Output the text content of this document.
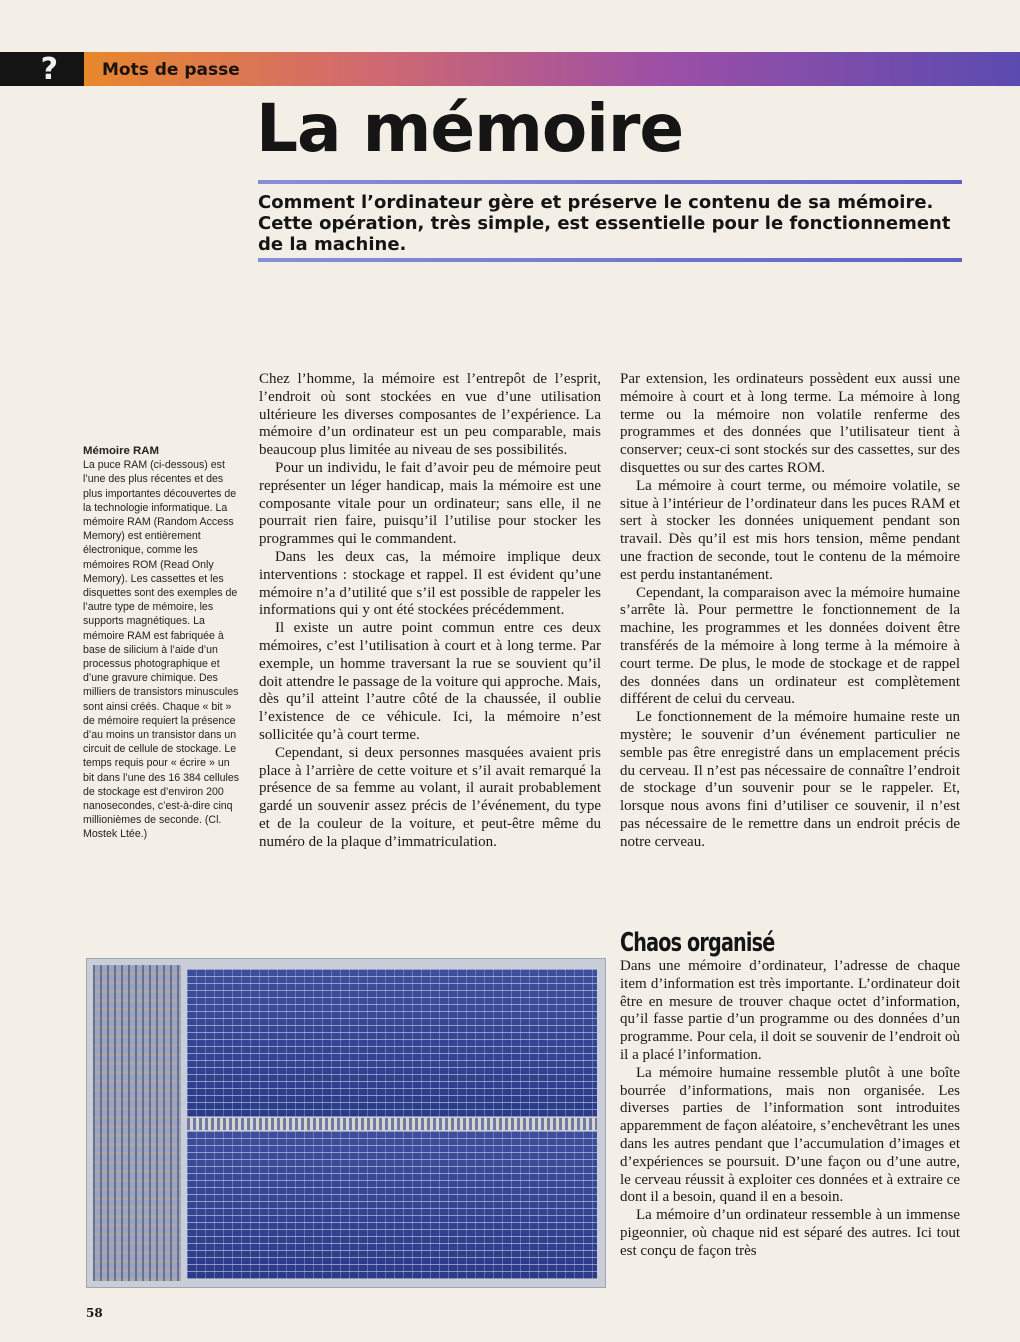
?	Mots de passe
La mémoire

Comment l’ordinateur gère et préserve le contenu de sa mémoire. Cette opération, très simple, est essentielle pour le fonctionnement de la machine.

Mémoire RAM
La puce RAM (ci-dessous) est l’une des plus récentes et des plus importantes découvertes de la technologie informatique. La mémoire RAM (Random Access Memory) est entièrement électronique, comme les mémoires ROM (Read Only Memory). Les cassettes et les disquettes sont des exemples de l’autre type de mémoire, les supports magnétiques. La mémoire RAM est fabriquée à base de silicium à l’aide d’un processus photographique et d’une gravure chimique. Des milliers de transistors minuscules sont ainsi créés. Chaque « bit » de mémoire requiert la présence d’au moins un transistor dans un circuit de cellule de stockage. Le temps requis pour « écrire » un bit dans l’une des 16 384 cellules de stockage est d’environ 200 nanosecondes, c’est-à-dire cinq millionièmes de seconde. (Cl. Mostek Ltée.)

Chez l’homme, la mémoire est l’entrepôt de l’esprit, l’endroit où sont stockées en vue d’une utilisation ultérieure les diverses composantes de l’expérience. La mémoire d’un ordinateur est un peu comparable, mais beaucoup plus limitée au niveau de ses possibilités.

Pour un individu, le fait d’avoir peu de mémoire peut représenter un léger handicap, mais la mémoire est une composante vitale pour un ordinateur; sans elle, il ne pourrait rien faire, puisqu’il l’utilise pour stocker les programmes qui le commandent.

Dans les deux cas, la mémoire implique deux interventions : stockage et rappel. Il est évident qu’une mémoire n’a d’utilité que s’il est possible de rappeler les informations qui y ont été stockées précédemment.

Il existe un autre point commun entre ces deux mémoires, c’est l’utilisation à court et à long terme. Par exemple, un homme traversant la rue se souvient qu’il doit attendre le passage de la voiture qui approche. Mais, dès qu’il atteint l’autre côté de la chaussée, il oublie l’existence de ce véhicule. Ici, la mémoire n’est sollicitée qu’à court terme.

Cependant, si deux personnes masquées avaient pris place à l’arrière de cette voiture et s’il avait remarqué la présence de sa femme au volant, il aurait probablement gardé un souvenir assez précis de l’événement, du type et de la couleur de la voiture, et peut-être même du numéro de la plaque d’immatriculation.

Par extension, les ordinateurs possèdent eux aussi une mémoire à court et à long terme. La mémoire à long terme ou la mémoire non volatile renferme des programmes et des données que l’utilisateur tient à conserver; ceux-ci sont stockés sur des cassettes, sur des disquettes ou sur des cartes ROM.

La mémoire à court terme, ou mémoire volatile, se situe à l’intérieur de l’ordinateur dans les puces RAM et sert à stocker les données uniquement pendant son travail. Dès qu’il est mis hors tension, même pendant une fraction de seconde, tout le contenu de la mémoire est perdu instantanément.

Cependant, la comparaison avec la mémoire humaine s’arrête là. Pour permettre le fonctionnement de la machine, les programmes et les données doivent être transférés de la mémoire à long terme à la mémoire à court terme. De plus, le mode de stockage et de rappel des données dans un ordinateur est complètement différent de celui du cerveau.

Le fonctionnement de la mémoire humaine reste un mystère; le souvenir d’un événement particulier ne semble pas être enregistré dans un emplacement précis du cerveau. Il n’est pas nécessaire de connaître l’endroit de stockage d’un souvenir pour se le rappeler. Et, lorsque nous avons fini d’utiliser ce souvenir, il n’est pas nécessaire de le remettre dans un endroit précis de notre cerveau.

Chaos organisé

Dans une mémoire d’ordinateur, l’adresse de chaque item d’information est très importante. L’ordinateur doit être en mesure de trouver chaque octet d’information, qu’il fasse partie d’un programme ou des données d’un programme. Pour cela, il doit se souvenir de l’endroit où il a placé l’information.

La mémoire humaine ressemble plutôt à une boîte bourrée d’informations, mais non organisée. Les diverses parties de l’information sont introduites apparemment de façon aléatoire, s’enchevêtrant les unes dans les autres pendant que l’accumulation d’images et d’expériences se poursuit. D’une façon ou d’une autre, le cerveau réussit à exploiter ces données et à extraire ce dont il a besoin, quand il en a besoin.

La mémoire d’un ordinateur ressemble à un immense pigeonnier, où chaque nid est séparé des autres. Ici tout est conçu de façon très

58
